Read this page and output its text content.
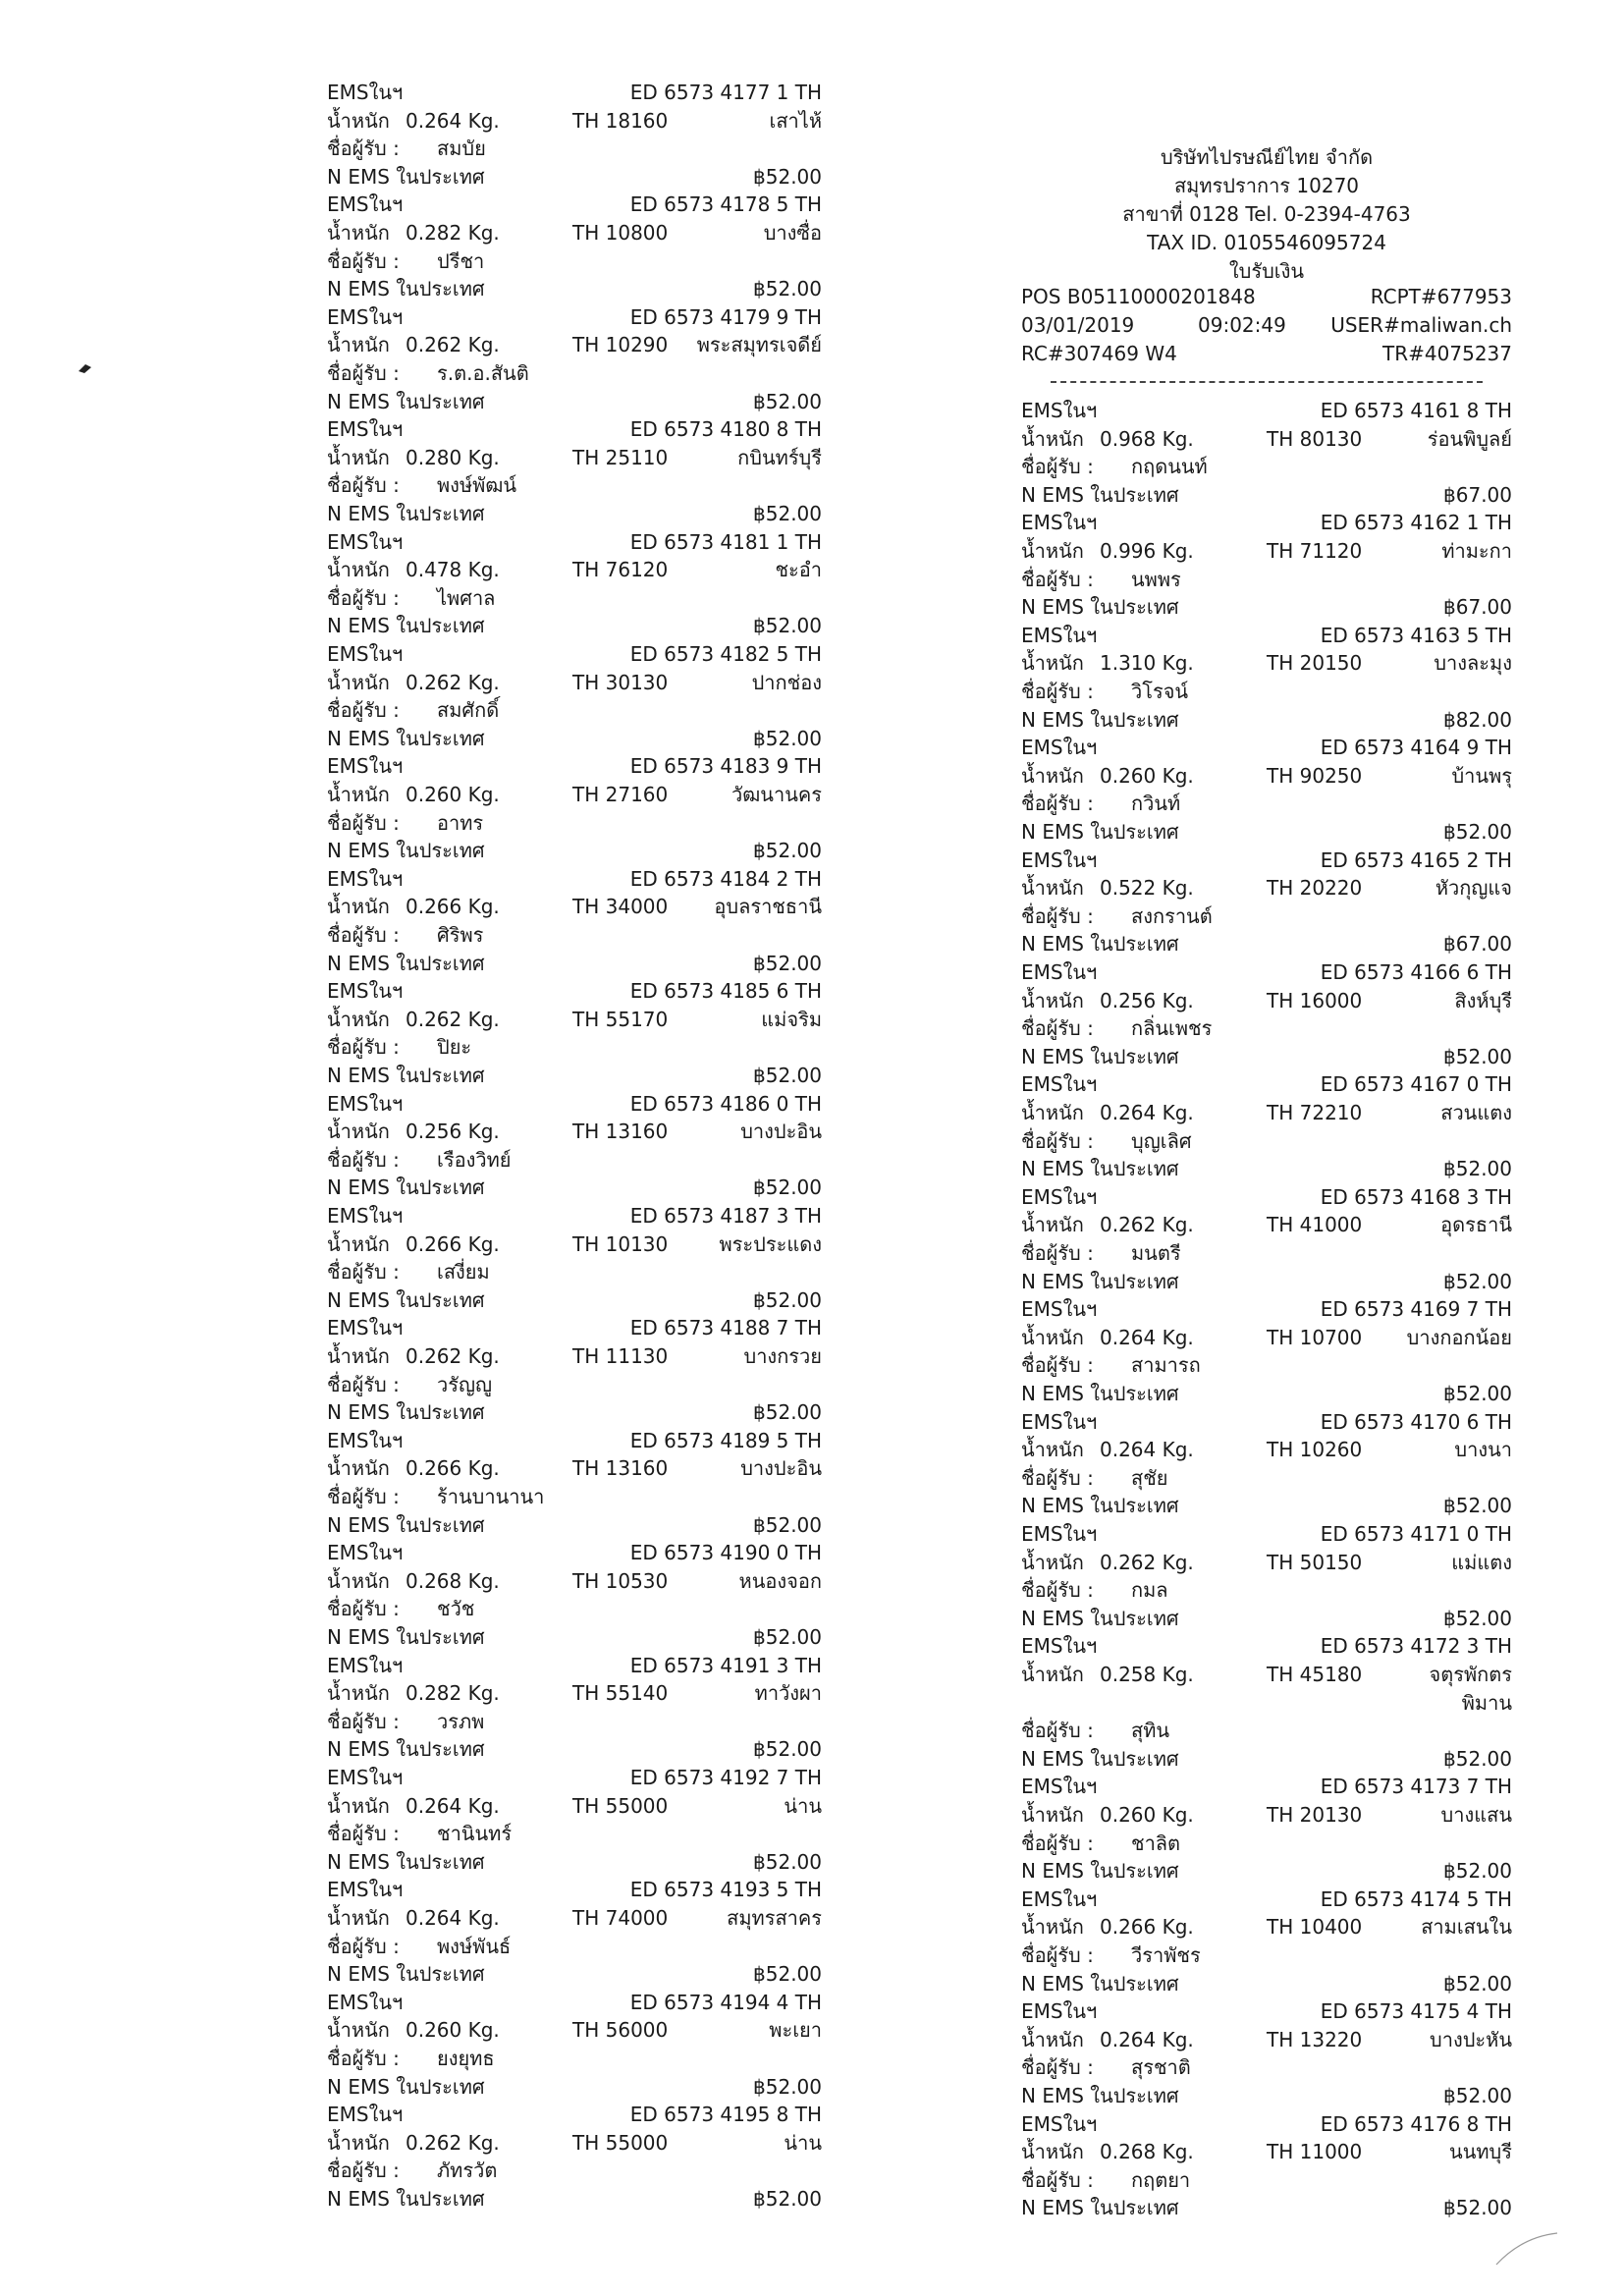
EMSในฯ	ED 6573 4177 1 TH
น้ำหนัก 0.264 Kg.	TH 18160	เสาไห้
ชื่อผู้รับ : สมบัย
N EMS ในประเทศ	฿52.00
EMSในฯ	ED 6573 4178 5 TH
น้ำหนัก 0.282 Kg.	TH 10800	บางซื่อ
ชื่อผู้รับ : ปรีชา
N EMS ในประเทศ	฿52.00
EMSในฯ	ED 6573 4179 9 TH
น้ำหนัก 0.262 Kg.	TH 10290 พระสมุทรเจดีย์
ชื่อผู้รับ : ร.ต.อ.สันติ
N EMS ในประเทศ	฿52.00
EMSในฯ	ED 6573 4180 8 TH
น้ำหนัก 0.280 Kg.	TH 25110	กบินทร์บุรี
ชื่อผู้รับ : พงษ์พัฒน์
N EMS ในประเทศ	฿52.00
EMSในฯ	ED 6573 4181 1 TH
น้ำหนัก 0.478 Kg.	TH 76120	ชะอำ
ชื่อผู้รับ : ไพศาล
N EMS ในประเทศ	฿52.00
EMSในฯ	ED 6573 4182 5 TH
น้ำหนัก 0.262 Kg.	TH 30130	ปากช่อง
ชื่อผู้รับ : สมศักดิ์
N EMS ในประเทศ	฿52.00
EMSในฯ	ED 6573 4183 9 TH
น้ำหนัก 0.260 Kg.	TH 27160	วัฒนานคร
ชื่อผู้รับ : อาทร
N EMS ในประเทศ	฿52.00
EMSในฯ	ED 6573 4184 2 TH
น้ำหนัก 0.266 Kg.	TH 34000 อุบลราชธานี
ชื่อผู้รับ : ศิริพร
N EMS ในประเทศ	฿52.00
EMSในฯ	ED 6573 4185 6 TH
น้ำหนัก 0.262 Kg.	TH 55170	แม่จริม
ชื่อผู้รับ : ปิยะ
N EMS ในประเทศ	฿52.00
EMSในฯ	ED 6573 4186 0 TH
น้ำหนัก 0.256 Kg.	TH 13160	บางปะอิน
ชื่อผู้รับ : เรืองวิทย์
N EMS ในประเทศ	฿52.00
EMSในฯ	ED 6573 4187 3 TH
น้ำหนัก 0.266 Kg.	TH 10130	พระประแดง
ชื่อผู้รับ : เสงี่ยม
N EMS ในประเทศ	฿52.00
EMSในฯ	ED 6573 4188 7 TH
น้ำหนัก 0.262 Kg.	TH 11130	บางกรวย
ชื่อผู้รับ : วรัญญู
N EMS ในประเทศ	฿52.00
EMSในฯ	ED 6573 4189 5 TH
น้ำหนัก 0.266 Kg.	TH 13160	บางปะอิน
ชื่อผู้รับ : ร้านบานานา
N EMS ในประเทศ	฿52.00
EMSในฯ	ED 6573 4190 0 TH
น้ำหนัก 0.268 Kg.	TH 10530	หนองจอก
ชื่อผู้รับ : ชวัช
N EMS ในประเทศ	฿52.00
EMSในฯ	ED 6573 4191 3 TH
น้ำหนัก 0.282 Kg.	TH 55140	ทาวังผา
ชื่อผู้รับ : วรภพ
N EMS ในประเทศ	฿52.00
EMSในฯ	ED 6573 4192 7 TH
น้ำหนัก 0.264 Kg.	TH 55000	น่าน
ชื่อผู้รับ : ชานินทร์
N EMS ในประเทศ	฿52.00
EMSในฯ	ED 6573 4193 5 TH
น้ำหนัก 0.264 Kg.	TH 74000	สมุทรสาคร
ชื่อผู้รับ : พงษ์พันธ์
N EMS ในประเทศ	฿52.00
EMSในฯ	ED 6573 4194 4 TH
น้ำหนัก 0.260 Kg.	TH 56000	พะเยา
ชื่อผู้รับ : ยงยุทธ
N EMS ในประเทศ	฿52.00
EMSในฯ	ED 6573 4195 8 TH
น้ำหนัก 0.262 Kg.	TH 55000	น่าน
ชื่อผู้รับ : ภัทรวัต
N EMS ในประเทศ	฿52.00
บริษัทไปรษณีย์ไทย จำกัด
สมุทรปราการ 10270
สาขาที่ 0128 Tel. 0-2394-4763
TAX ID. 0105546095724
ใบรับเงิน
POS B05110000201848	RCPT#677953
03/01/2019	09:02:49 USER#maliwan.ch
RC#307469 W4	TR#4075237
EMSในฯ	ED 6573 4161 8 TH
น้ำหนัก 0.968 Kg.	TH 80130	ร่อนพิบูลย์
ชื่อผู้รับ : กฤดนนท์
N EMS ในประเทศ	฿67.00
EMSในฯ	ED 6573 4162 1 TH
น้ำหนัก 0.996 Kg.	TH 71120	ท่ามะกา
ชื่อผู้รับ : นพพร
N EMS ในประเทศ	฿67.00
EMSในฯ	ED 6573 4163 5 TH
น้ำหนัก 1.310 Kg.	TH 20150	บางละมุง
ชื่อผู้รับ : วิโรจน์
N EMS ในประเทศ	฿82.00
EMSในฯ	ED 6573 4164 9 TH
น้ำหนัก 0.260 Kg.	TH 90250	บ้านพรุ
ชื่อผู้รับ : กวินท์
N EMS ในประเทศ	฿52.00
EMSในฯ	ED 6573 4165 2 TH
น้ำหนัก 0.522 Kg.	TH 20220	หัวกุญแจ
ชื่อผู้รับ : สงกรานต์
N EMS ในประเทศ	฿67.00
EMSในฯ	ED 6573 4166 6 TH
น้ำหนัก 0.256 Kg.	TH 16000	สิงห์บุรี
ชื่อผู้รับ : กลิ่นเพชร
N EMS ในประเทศ	฿52.00
EMSในฯ	ED 6573 4167 0 TH
น้ำหนัก 0.264 Kg.	TH 72210	สวนแตง
ชื่อผู้รับ : บุญเลิศ
N EMS ในประเทศ	฿52.00
EMSในฯ	ED 6573 4168 3 TH
น้ำหนัก 0.262 Kg.	TH 41000	อุดรธานี
ชื่อผู้รับ : มนตรี
N EMS ในประเทศ	฿52.00
EMSในฯ	ED 6573 4169 7 TH
น้ำหนัก 0.264 Kg.	TH 10700 บางกอกน้อย
ชื่อผู้รับ : สามารถ
N EMS ในประเทศ	฿52.00
EMSในฯ	ED 6573 4170 6 TH
น้ำหนัก 0.264 Kg.	TH 10260	บางนา
ชื่อผู้รับ : สุชัย
N EMS ในประเทศ	฿52.00
EMSในฯ	ED 6573 4171 0 TH
น้ำหนัก 0.262 Kg.	TH 50150	แม่แตง
ชื่อผู้รับ : กมล
N EMS ในประเทศ	฿52.00
EMSในฯ	ED 6573 4172 3 TH
น้ำหนัก 0.258 Kg.	TH 45180	จตุรพักตร
พิมาน
ชื่อผู้รับ : สุทิน
N EMS ในประเทศ	฿52.00
EMSในฯ	ED 6573 4173 7 TH
น้ำหนัก 0.260 Kg.	TH 20130	บางแสน
ชื่อผู้รับ : ชาลิต
N EMS ในประเทศ	฿52.00
EMSในฯ	ED 6573 4174 5 TH
น้ำหนัก 0.266 Kg.	TH 10400	สามเสนใน
ชื่อผู้รับ : วีราพัชร
N EMS ในประเทศ	฿52.00
EMSในฯ	ED 6573 4175 4 TH
น้ำหนัก 0.264 Kg.	TH 13220	บางปะหัน
ชื่อผู้รับ : สุรชาติ
N EMS ในประเทศ	฿52.00
EMSในฯ	ED 6573 4176 8 TH
น้ำหนัก 0.268 Kg.	TH 11000	นนทบุรี
ชื่อผู้รับ : กฤตยา
N EMS ในประเทศ	฿52.00
